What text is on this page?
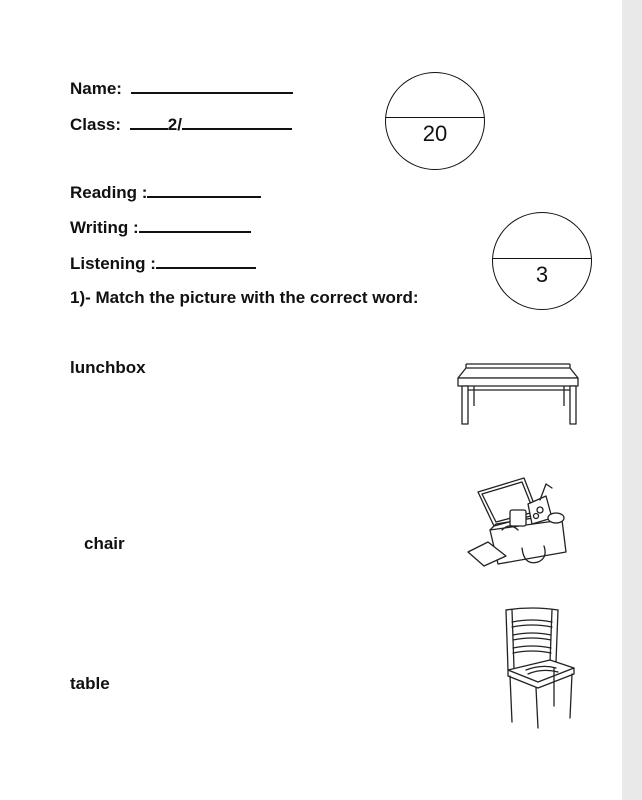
Name:
Class:	2/	20
Reading :
Writing :
Listening :	3
1)- Match the picture with the correct word:
lunchbox
chair
table
